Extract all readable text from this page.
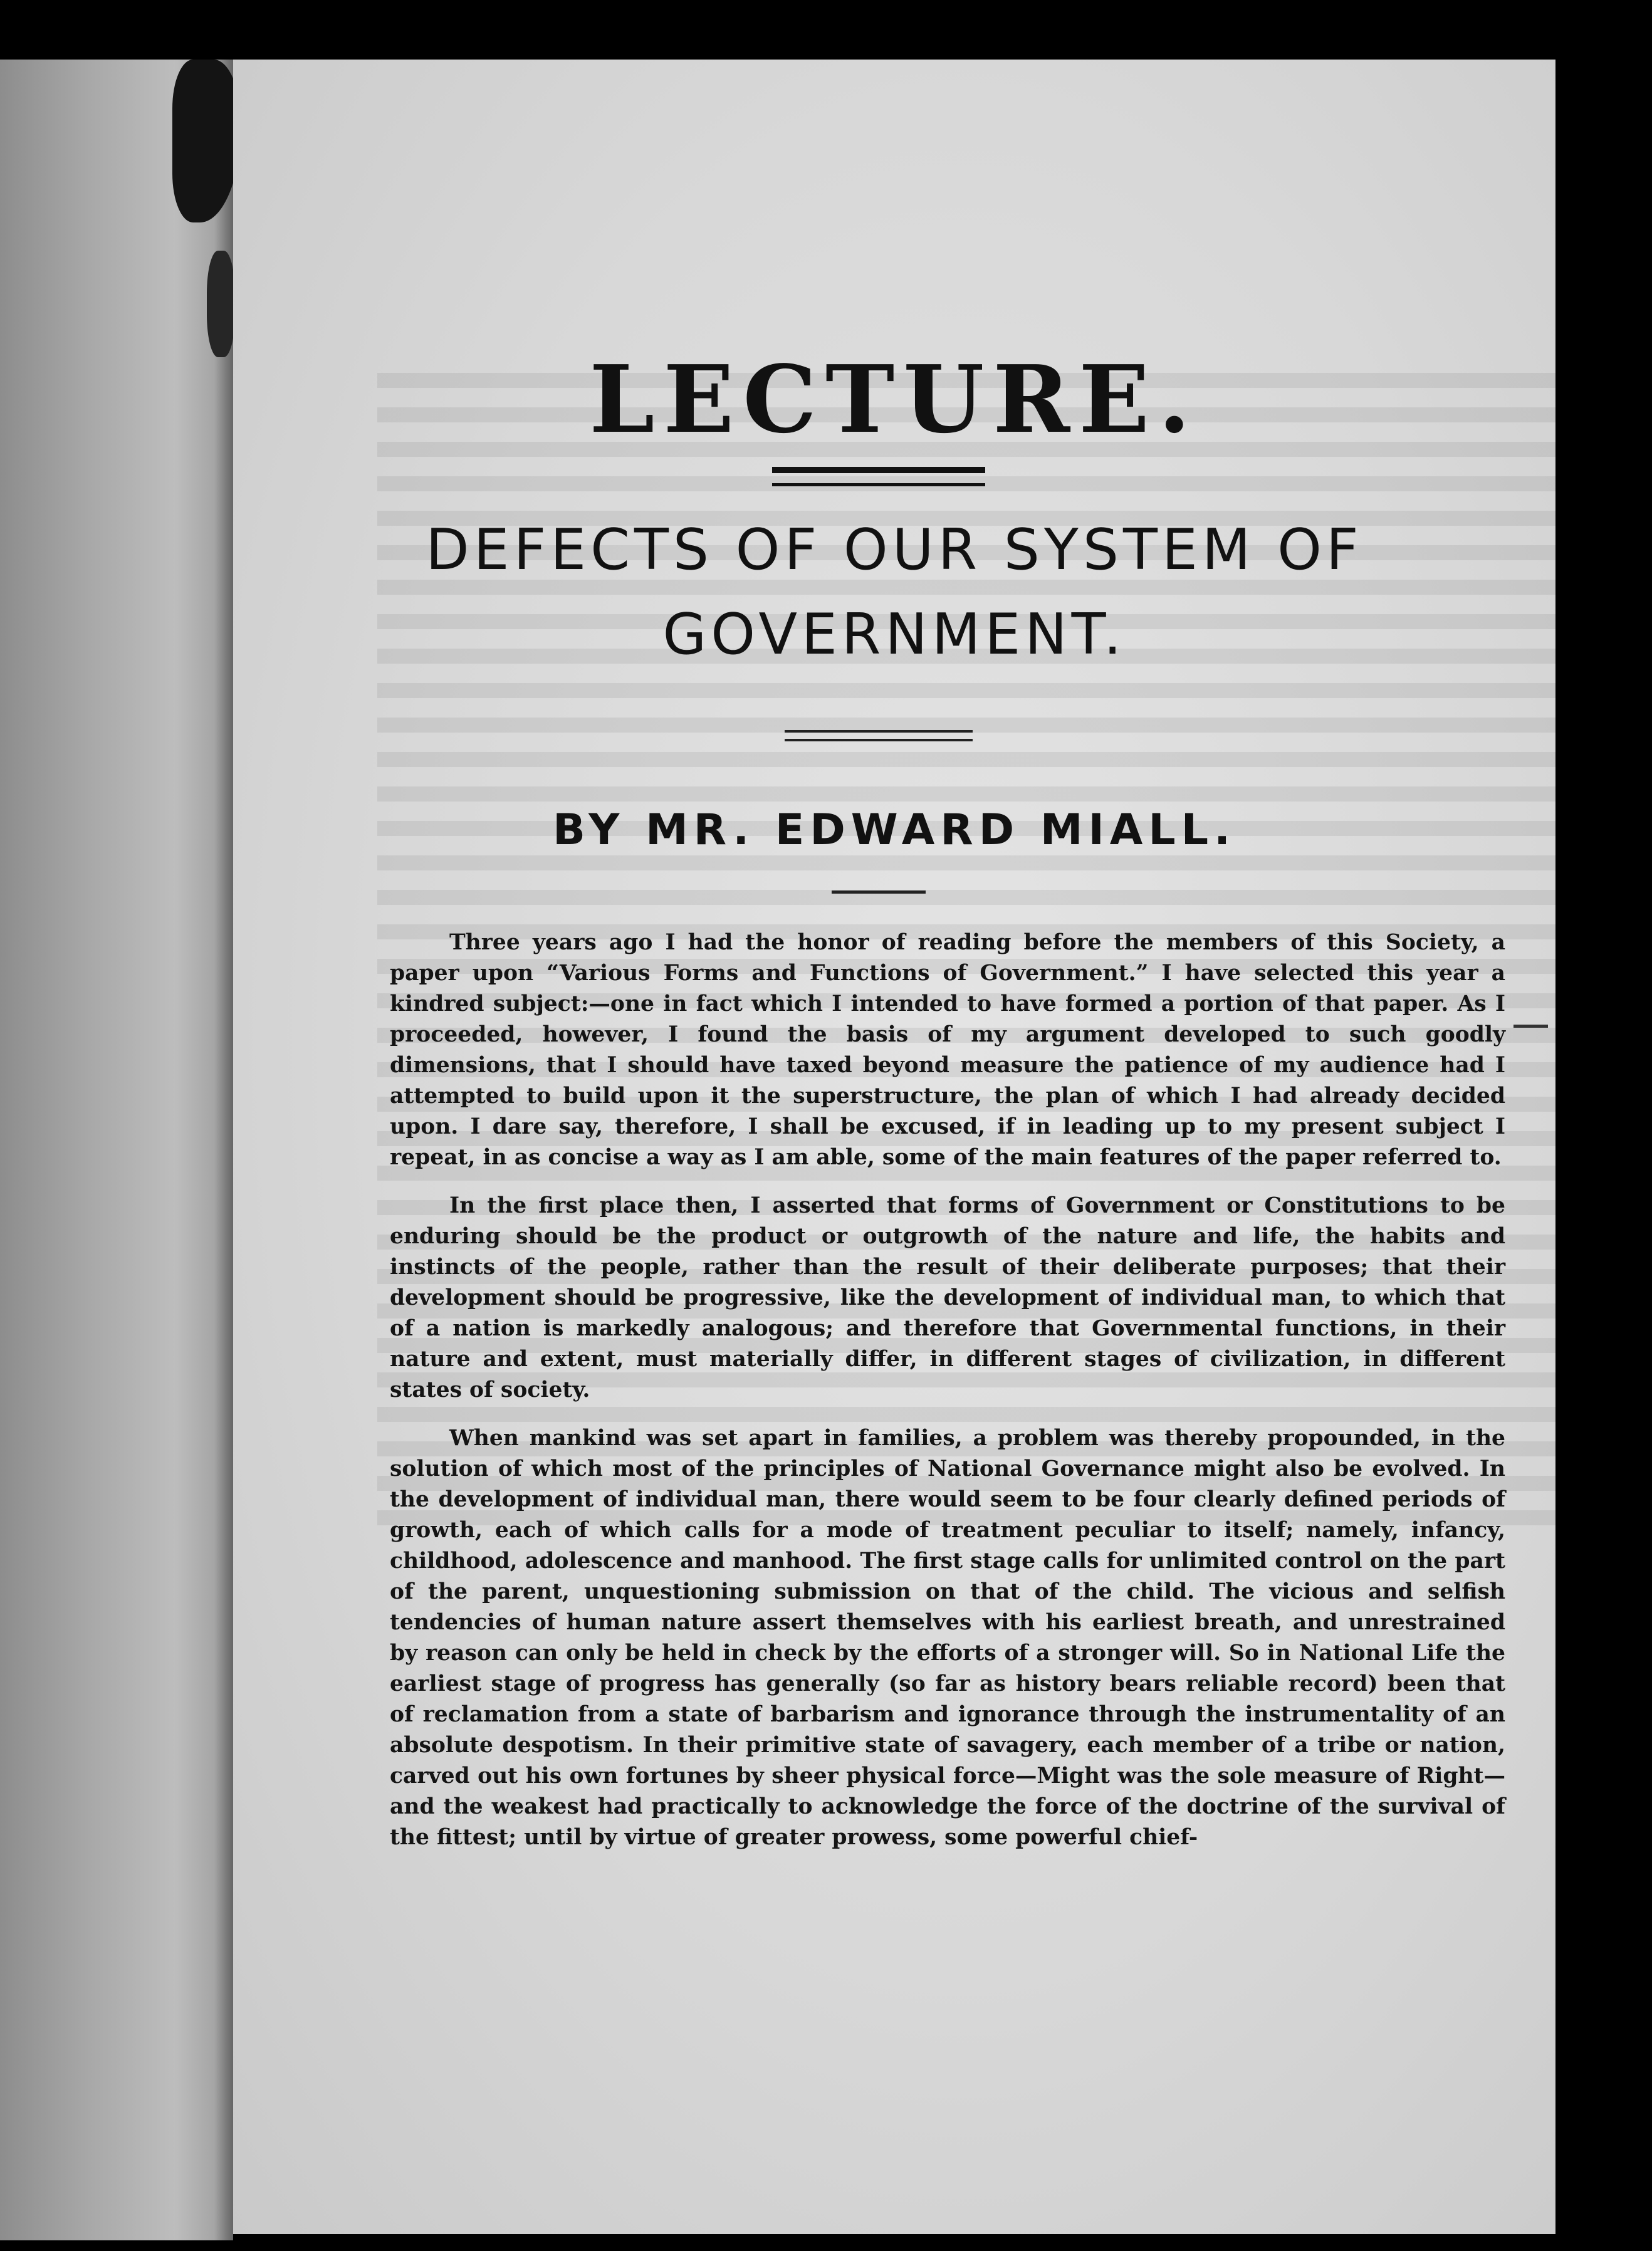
LECTURE.
DEFECTS OF OUR SYSTEM OF
GOVERNMENT.
BY MR. EDWARD MIALL.

Three years ago I had the honor of reading before the members of this Society, a paper upon “Various Forms and Functions of Government.” I have selected this year a kindred subject:—one in fact which I intended to have formed a portion of that paper. As I proceeded, however, I found the basis of my argument developed to such goodly dimensions, that I should have taxed beyond measure the patience of my audience had I attempted to build upon it the superstructure, the plan of which I had already decided upon. I dare say, therefore, I shall be excused, if in leading up to my present subject I repeat, in as concise a way as I am able, some of the main features of the paper referred to.

In the first place then, I asserted that forms of Government or Constitutions to be enduring should be the product or outgrowth of the nature and life, the habits and instincts of the people, rather than the result of their deliberate purposes; that their development should be progressive, like the development of individual man, to which that of a nation is markedly analogous; and therefore that Governmental functions, in their nature and extent, must materially differ, in different stages of civilization, in different states of society.

When mankind was set apart in families, a problem was thereby propounded, in the solution of which most of the principles of National Governance might also be evolved. In the development of individual man, there would seem to be four clearly defined periods of growth, each of which calls for a mode of treatment peculiar to itself; namely, infancy, childhood, adolescence and manhood. The first stage calls for unlimited control on the part of the parent, unquestioning submission on that of the child. The vicious and selfish tendencies of human nature assert themselves with his earliest breath, and unrestrained by reason can only be held in check by the efforts of a stronger will. So in National Life the earliest stage of progress has generally (so far as history bears reliable record) been that of reclamation from a state of barbarism and ignorance through the instrumentality of an absolute despotism. In their primitive state of savagery, each member of a tribe or nation, carved out his own fortunes by sheer physical force—Might was the sole measure of Right—and the weakest had practically to acknowledge the force of the doctrine of the survival of the fittest; until by virtue of greater prowess, some powerful chief-
